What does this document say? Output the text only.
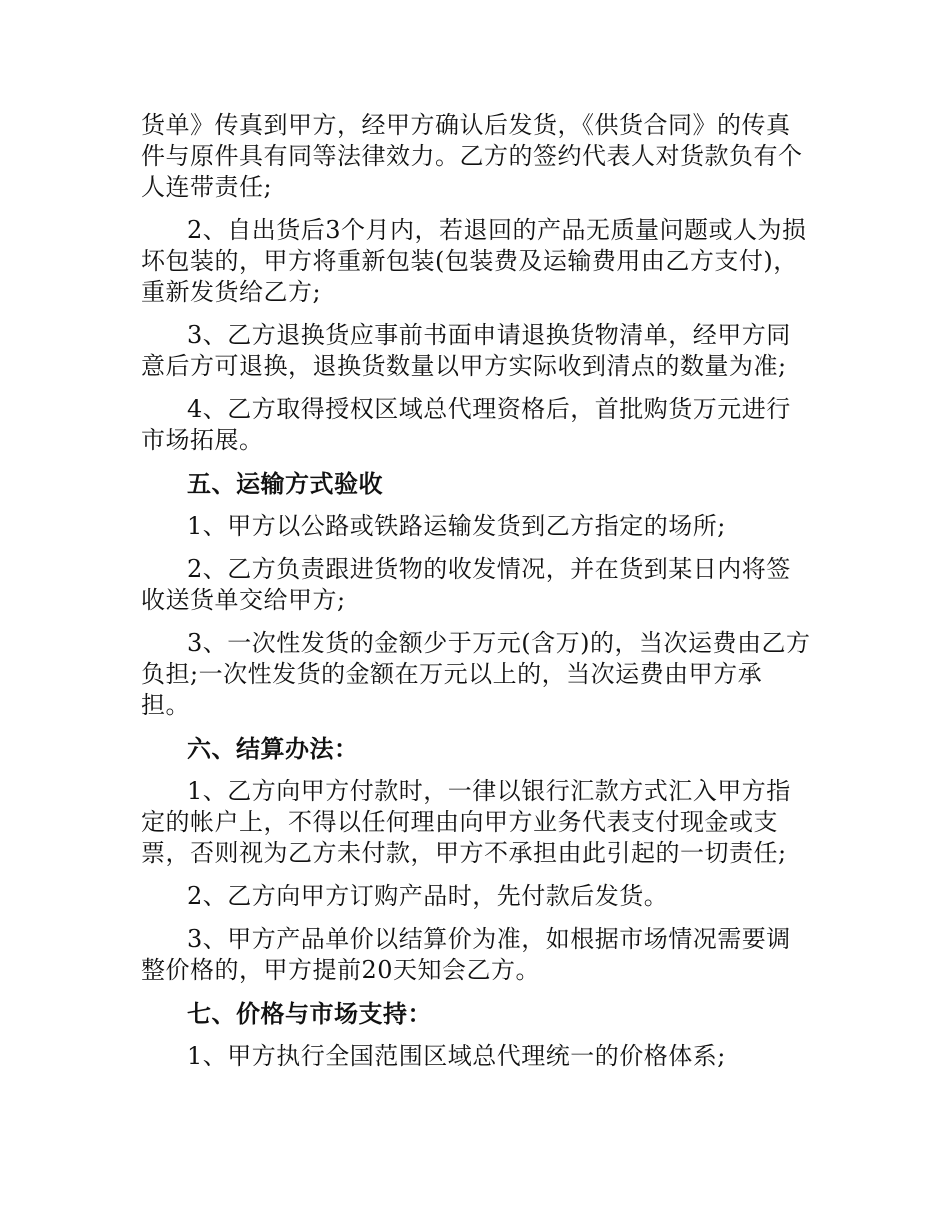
货单》传真到甲方，经甲方确认后发货，《供货合同》的传真件与原件具有同等法律效力。乙方的签约代表人对货款负有个人连带责任;

2、自出货后3个月内，若退回的产品无质量问题或人为损坏包装的，甲方将重新包装(包装费及运输费用由乙方支付)，重新发货给乙方;

3、乙方退换货应事前书面申请退换货物清单，经甲方同意后方可退换，退换货数量以甲方实际收到清点的数量为准;

4、乙方取得授权区域总代理资格后，首批购货万元进行市场拓展。

五、运输方式验收

1、甲方以公路或铁路运输发货到乙方指定的场所;

2、乙方负责跟进货物的收发情况，并在货到某日内将签收送货单交给甲方;

3、一次性发货的金额少于万元(含万)的，当次运费由乙方负担;一次性发货的金额在万元以上的，当次运费由甲方承担。

六、结算办法：

1、乙方向甲方付款时，一律以银行汇款方式汇入甲方指定的帐户上，不得以任何理由向甲方业务代表支付现金或支票，否则视为乙方未付款，甲方不承担由此引起的一切责任;

2、乙方向甲方订购产品时，先付款后发货。

3、甲方产品单价以结算价为准，如根据市场情况需要调整价格的，甲方提前20天知会乙方。

七、价格与市场支持：

1、甲方执行全国范围区域总代理统一的价格体系;
